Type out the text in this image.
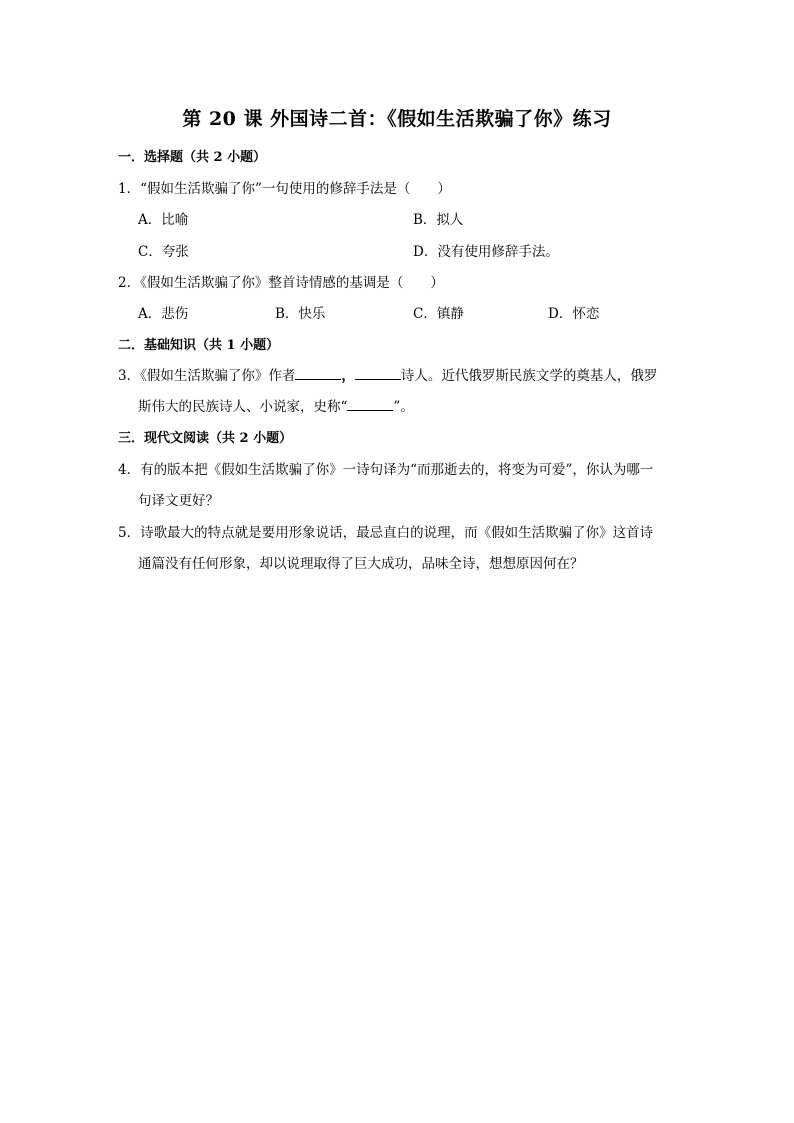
第 20 课 外国诗二首：《假如生活欺骗了你》练习
一．选择题（共 2 小题）
1．“假如生活欺骗了你”一句使用的修辞手法是（　　）
A．比喻	B．拟人
C．夸张	D．没有使用修辞手法。
2．《假如生活欺骗了你》整首诗情感的基调是（　　）
A．悲伤	B．快乐	C．镇静	D．怀恋
二．基础知识（共 1 小题）
3．《假如生活欺骗了你》作者	，	诗人。近代俄罗斯民族文学的奠基人，俄罗
斯伟大的民族诗人、小说家，史称“	”。
三．现代文阅读（共 2 小题）
4．有的版本把《假如生活欺骗了你》一诗句译为“而那逝去的，将变为可爱”，你认为哪一
句译文更好？
5．诗歌最大的特点就是要用形象说话，最忌直白的说理，而《假如生活欺骗了你》这首诗
通篇没有任何形象，却以说理取得了巨大成功，品味全诗，想想原因何在？
